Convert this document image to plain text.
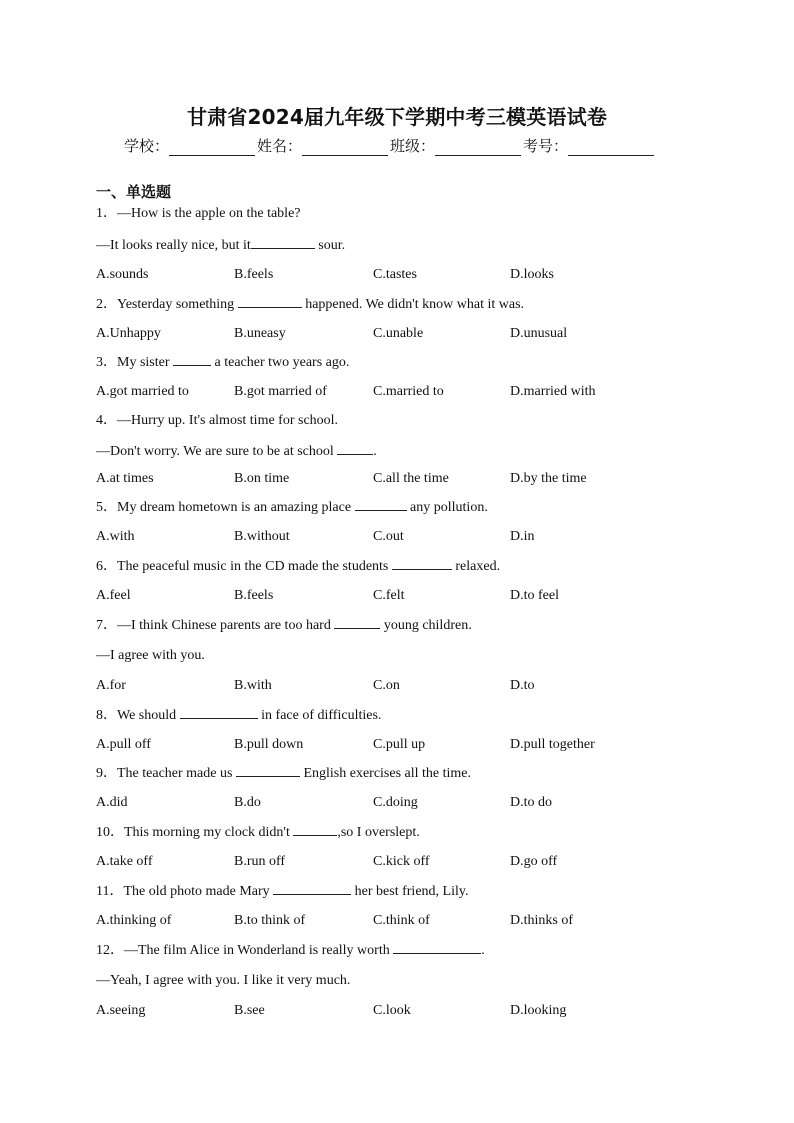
甘肃省2024届九年级下学期中考三模英语试卷
学校：	姓名：	班级：	考号：
一、单选题
1．—How is the apple on the table?
—It looks really nice, but it	sour.
A.sounds	B.feels	C.tastes	D.looks
2．Yesterday something	happened. We didn't know what it was.
A.Unhappy	B.uneasy	C.unable	D.unusual
3．My sister	a teacher two years ago.
A.got married to	B.got married of	C.married to	D.married with
4．—Hurry up. It's almost time for school.
—Don't worry. We are sure to be at school	.
A.at times	B.on time	C.all the time	D.by the time
5．My dream hometown is an amazing place	any pollution.
A.with	B.without	C.out	D.in
6．The peaceful music in the CD made the students	relaxed.
A.feel	B.feels	C.felt	D.to feel
7．—I think Chinese parents are too hard	young children.
—I agree with you.
A.for	B.with	C.on	D.to
8．We should	in face of difficulties.
A.pull off	B.pull down	C.pull up	D.pull together
9．The teacher made us	English exercises all the time.
A.did	B.do	C.doing	D.to do
10．This morning my clock didn't	,so I overslept.
A.take off	B.run off	C.kick off	D.go off
11．The old photo made Mary	her best friend, Lily.
A.thinking of	B.to think of	C.think of	D.thinks of
12．—The film Alice in Wonderland is really worth	.
—Yeah, I agree with you. I like it very much.
A.seeing	B.see	C.look	D.looking
